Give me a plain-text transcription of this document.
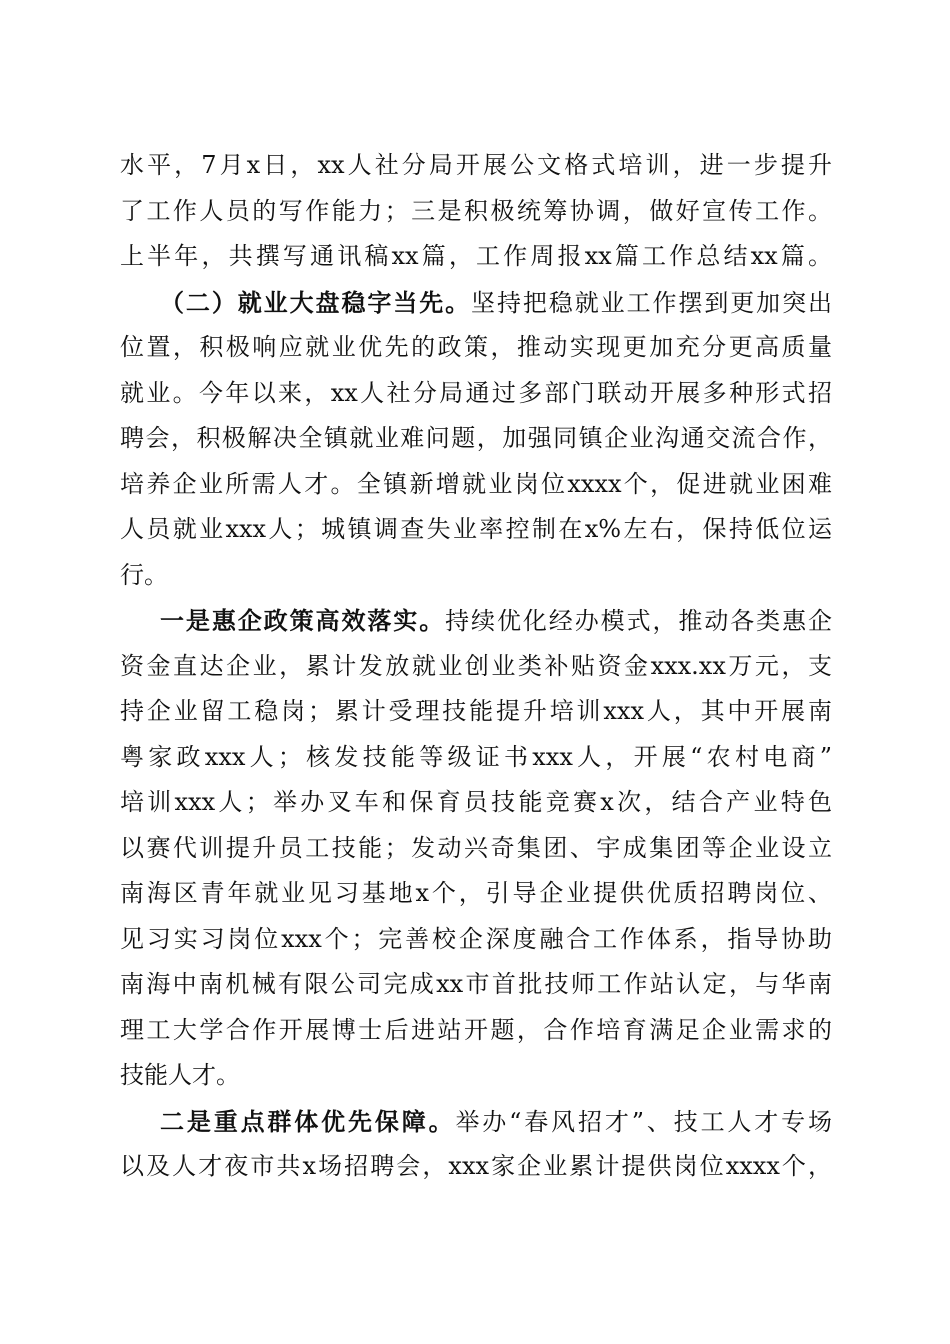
水平，7月x日，xx人社分局开展公文格式培训，进一步提升
了工作人员的写作能力；三是积极统筹协调，做好宣传工作。
上半年，共撰写通讯稿xx篇，工作周报xx篇工作总结xx篇。
（二）就业大盘稳字当先。坚持把稳就业工作摆到更加突出
位置，积极响应就业优先的政策，推动实现更加充分更高质量
就业。今年以来，xx人社分局通过多部门联动开展多种形式招
聘会，积极解决全镇就业难问题，加强同镇企业沟通交流合作，
培养企业所需人才。全镇新增就业岗位xxxx个，促进就业困难
人员就业xxx人；城镇调查失业率控制在x%左右，保持低位运
行。
一是惠企政策高效落实。持续优化经办模式，推动各类惠企
资金直达企业，累计发放就业创业类补贴资金xxx.xx万元，支
持企业留工稳岗；累计受理技能提升培训xxx人，其中开展南
粤家政xxx人；核发技能等级证书xxx人，开展“农村电商”
培训xxx人；举办叉车和保育员技能竞赛x次，结合产业特色
以赛代训提升员工技能；发动兴奇集团、宇成集团等企业设立
南海区青年就业见习基地x个，引导企业提供优质招聘岗位、
见习实习岗位xxx个；完善校企深度融合工作体系，指导协助
南海中南机械有限公司完成xx市首批技师工作站认定，与华南
理工大学合作开展博士后进站开题，合作培育满足企业需求的
技能人才。
二是重点群体优先保障。举办“春风招才”、技工人才专场
以及人才夜市共x场招聘会，xxx家企业累计提供岗位xxxx个，
